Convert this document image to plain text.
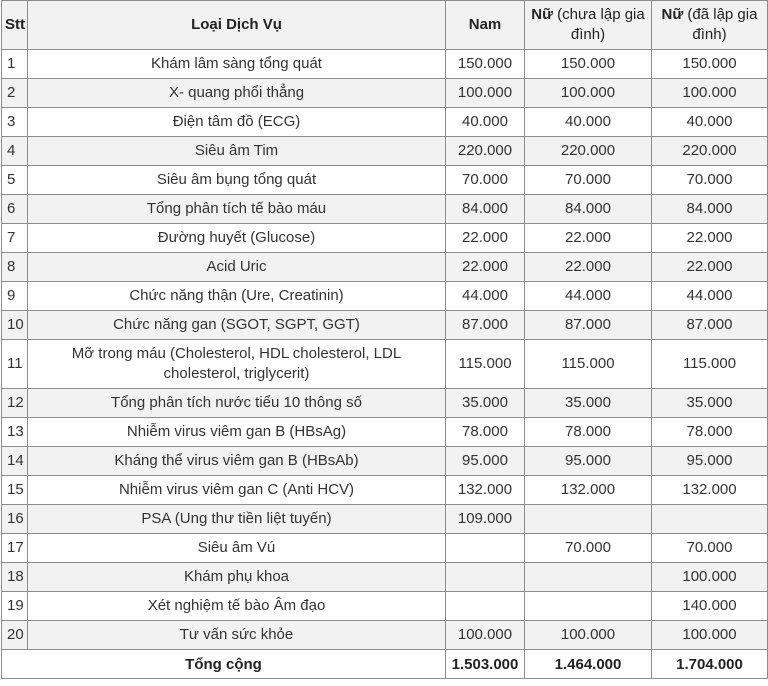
Stt	Loại Dịch Vụ	Nam	Nữ (chưa lập gia đình)	Nữ (đã lập gia đình)
1	Khám lâm sàng tổng quát	150.000	150.000	150.000
2	X- quang phổi thẳng	100.000	100.000	100.000
3	Điện tâm đồ (ECG)	40.000	40.000	40.000
4	Siêu âm Tim	220.000	220.000	220.000
5	Siêu âm bụng tổng quát	70.000	70.000	70.000
6	Tổng phân tích tế bào máu	84.000	84.000	84.000
7	Đường huyết (Glucose)	22.000	22.000	22.000
8	Acid Uric	22.000	22.000	22.000
9	Chức năng thận (Ure, Creatinin)	44.000	44.000	44.000
10	Chức năng gan (SGOT, SGPT, GGT)	87.000	87.000	87.000
11	Mỡ trong máu (Cholesterol, HDL cholesterol, LDL cholesterol, triglycerit)	115.000	115.000	115.000
12	Tổng phân tích nước tiểu 10 thông số	35.000	35.000	35.000
13	Nhiễm virus viêm gan B (HBsAg)	78.000	78.000	78.000
14	Kháng thể virus viêm gan B (HBsAb)	95.000	95.000	95.000
15	Nhiễm virus viêm gan C (Anti HCV)	132.000	132.000	132.000
16	PSA (Ung thư tiền liệt tuyến)	109.000		
17	Siêu âm Vú		70.000	70.000
18	Khám phụ khoa			100.000
19	Xét nghiệm tế bào Âm đạo			140.000
20	Tư vấn sức khỏe	100.000	100.000	100.000
Tổng cộng		1.503.000	1.464.000	1.704.000
